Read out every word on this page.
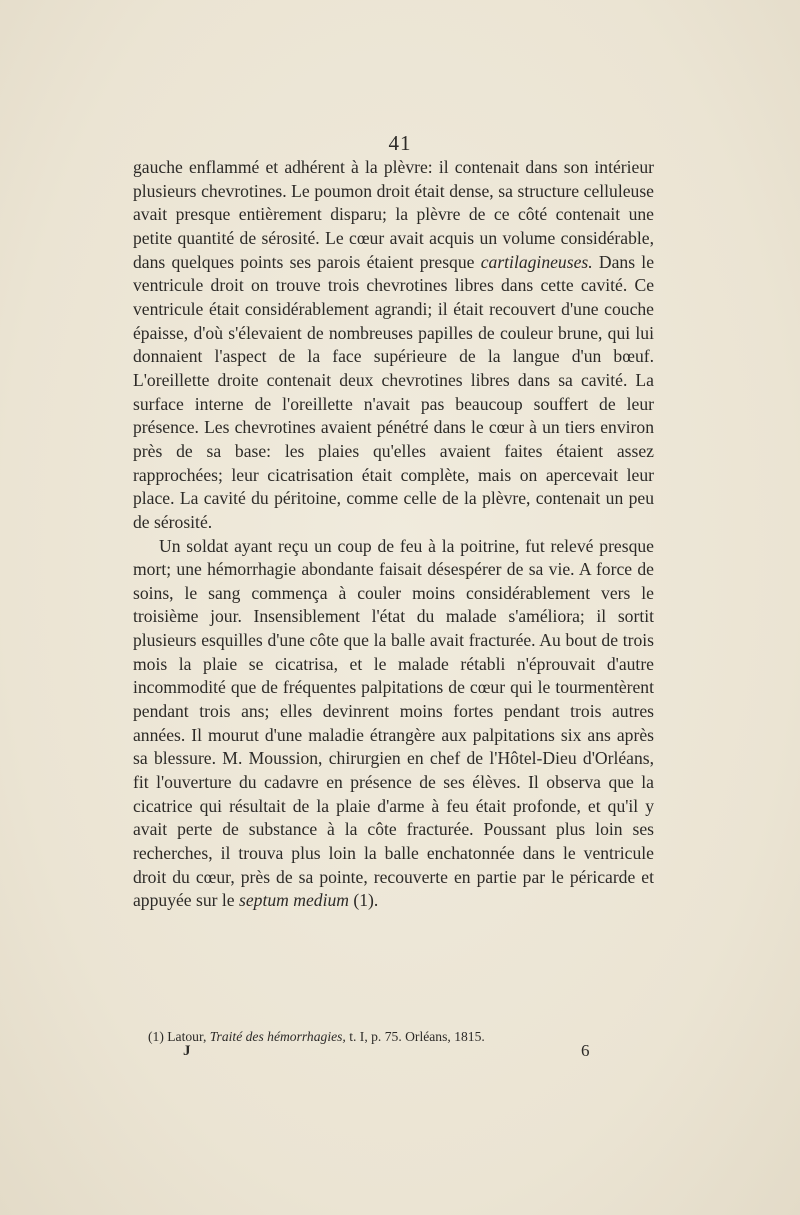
41

gauche enflammé et adhérent à la plèvre: il contenait dans son intérieur plusieurs chevrotines. Le poumon droit était dense, sa structure celluleuse avait presque entièrement disparu; la plèvre de ce côté contenait une petite quantité de sérosité. Le cœur avait acquis un volume considérable, dans quelques points ses parois étaient presque cartilagineuses. Dans le ventricule droit on trouve trois chevrotines libres dans cette cavité. Ce ventricule était considérablement agrandi; il était recouvert d'une couche épaisse, d'où s'élevaient de nombreuses papilles de couleur brune, qui lui donnaient l'aspect de la face supérieure de la langue d'un bœuf. L'oreillette droite contenait deux chevrotines libres dans sa cavité. La surface interne de l'oreillette n'avait pas beaucoup souffert de leur présence. Les chevrotines avaient pénétré dans le cœur à un tiers environ près de sa base: les plaies qu'elles avaient faites étaient assez rapprochées; leur cicatrisation était complète, mais on apercevait leur place. La cavité du péritoine, comme celle de la plèvre, contenait un peu de sérosité.

Un soldat ayant reçu un coup de feu à la poitrine, fut relevé presque mort; une hémorrhagie abondante faisait désespérer de sa vie. A force de soins, le sang commença à couler moins considérablement vers le troisième jour. Insensiblement l'état du malade s'améliora; il sortit plusieurs esquilles d'une côte que la balle avait fracturée. Au bout de trois mois la plaie se cicatrisa, et le malade rétabli n'éprouvait d'autre incommodité que de fréquentes palpitations de cœur qui le tourmentèrent pendant trois ans; elles devinrent moins fortes pendant trois autres années. Il mourut d'une maladie étrangère aux palpitations six ans après sa blessure. M. Moussion, chirurgien en chef de l'Hôtel-Dieu d'Orléans, fit l'ouverture du cadavre en présence de ses élèves. Il observa que la cicatrice qui résultait de la plaie d'arme à feu était profonde, et qu'il y avait perte de substance à la côte fracturée. Poussant plus loin ses recherches, il trouva plus loin la balle enchatonnée dans le ventricule droit du cœur, près de sa pointe, recouverte en partie par le péricarde et appuyée sur le septum medium (1).

(1) Latour, Traité des hémorrhagies, t. I, p. 75. Orléans, 1815.
J	6
